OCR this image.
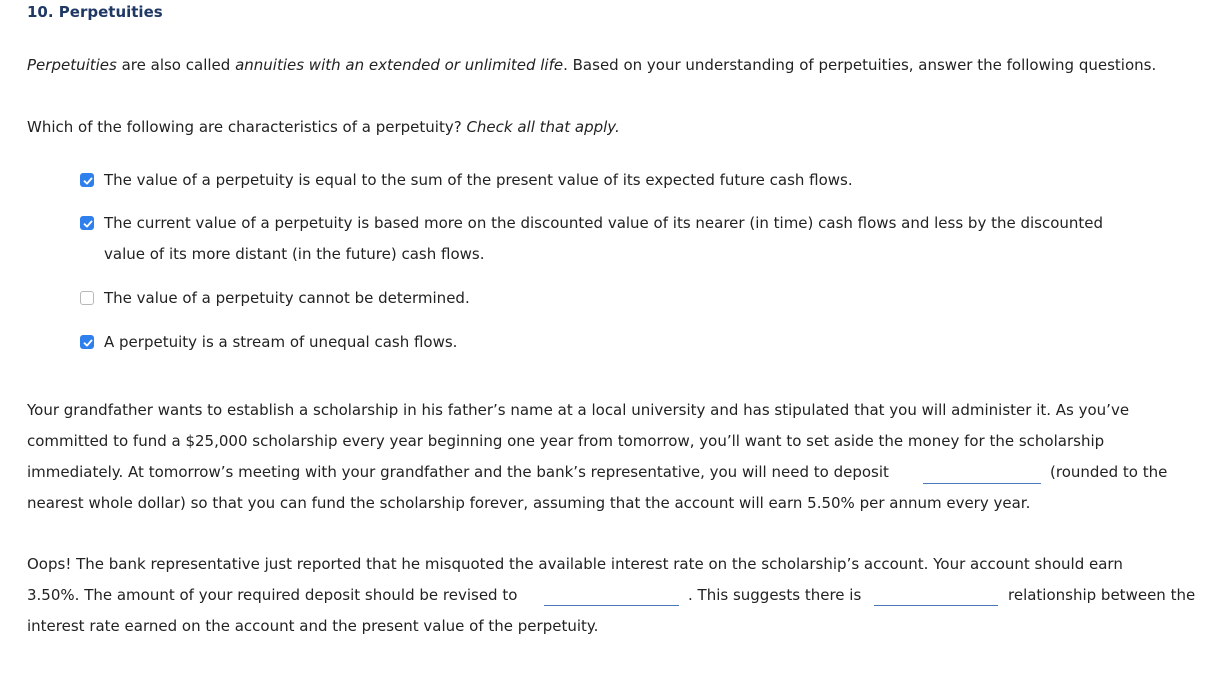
10. Perpetuities
Perpetuities are also called annuities with an extended or unlimited life. Based on your understanding of perpetuities, answer the following questions.
Which of the following are characteristics of a perpetuity? Check all that apply.
The value of a perpetuity is equal to the sum of the present value of its expected future cash flows.
The current value of a perpetuity is based more on the discounted value of its nearer (in time) cash flows and less by the discounted
value of its more distant (in the future) cash flows.
The value of a perpetuity cannot be determined.
A perpetuity is a stream of unequal cash flows.
Your grandfather wants to establish a scholarship in his father’s name at a local university and has stipulated that you will administer it. As you’ve
committed to fund a $25,000 scholarship every year beginning one year from tomorrow, you’ll want to set aside the money for the scholarship
immediately. At tomorrow’s meeting with your grandfather and the bank’s representative, you will need to deposit	(rounded to the
nearest whole dollar) so that you can fund the scholarship forever, assuming that the account will earn 5.50% per annum every year.
Oops! The bank representative just reported that he misquoted the available interest rate on the scholarship’s account. Your account should earn
3.50%. The amount of your required deposit should be revised to	. This suggests there is	relationship between the
interest rate earned on the account and the present value of the perpetuity.
